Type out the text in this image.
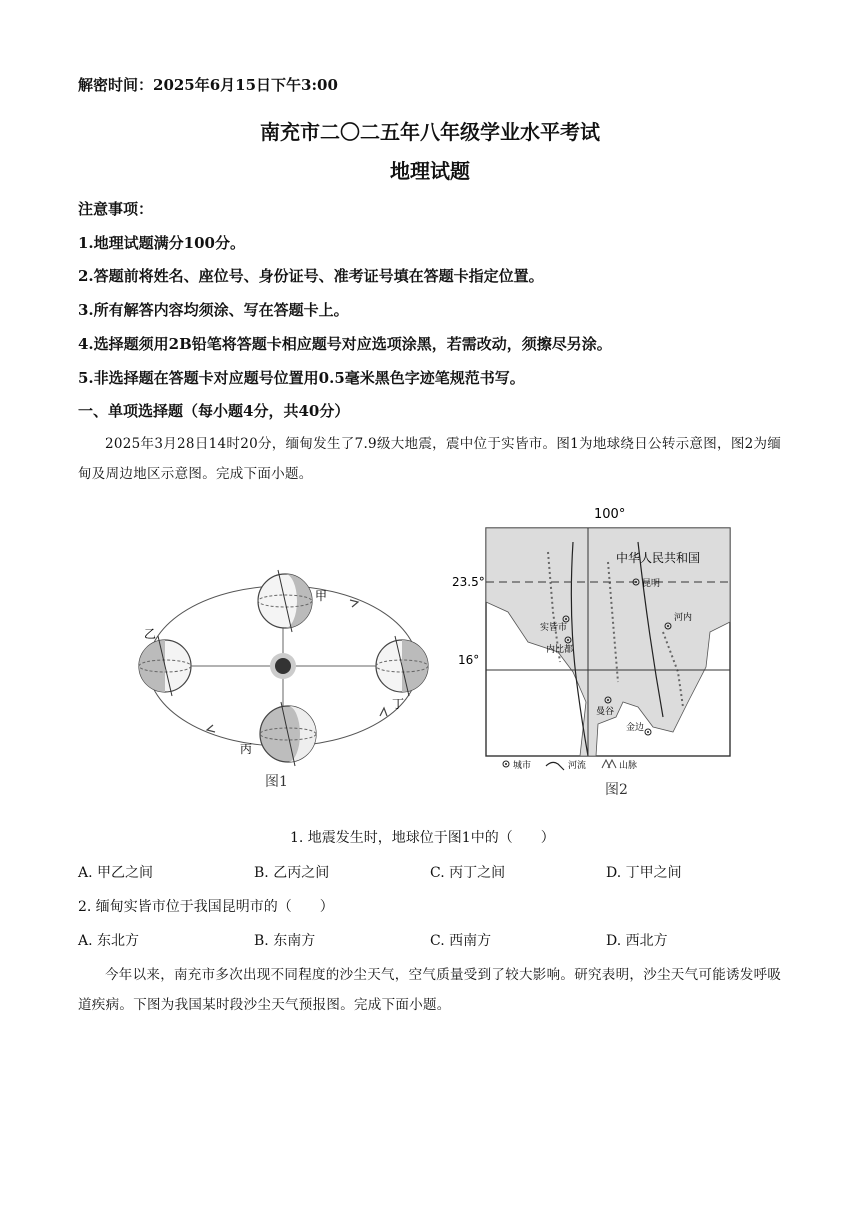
解密时间：2025年6月15日下午3:00
南充市二〇二五年八年级学业水平考试
地理试题
注意事项：
1.地理试题满分100分。
2.答题前将姓名、座位号、身份证号、准考证号填在答题卡指定位置。
3.所有解答内容均须涂、写在答题卡上。
4.选择题须用2B铅笔将答题卡相应题号对应选项涂黑，若需改动，须擦尽另涂。
5.非选择题在答题卡对应题号位置用0.5毫米黑色字迹笔规范书写。
一、单项选择题（每小题4分，共40分）
2025年3月28日14时20分，缅甸发生了7.9级大地震，震中位于实皆市。图1为地球绕日公转示意图，图2为缅甸及周边地区示意图。完成下面小题。
甲
乙
丙
丁
图1
100°
23.5°
16°
中华人民共和国
昆明
实皆市
内比都
曼谷
金边
河内
城市	河流	山脉
图2
1. 地震发生时，地球位于图1中的（　　）
A. 甲乙之间	B. 乙丙之间	C. 丙丁之间	D. 丁甲之间
2. 缅甸实皆市位于我国昆明市的（　　）
A. 东北方	B. 东南方	C. 西南方	D. 西北方
今年以来，南充市多次出现不同程度的沙尘天气，空气质量受到了较大影响。研究表明，沙尘天气可能诱发呼吸道疾病。下图为我国某时段沙尘天气预报图。完成下面小题。
